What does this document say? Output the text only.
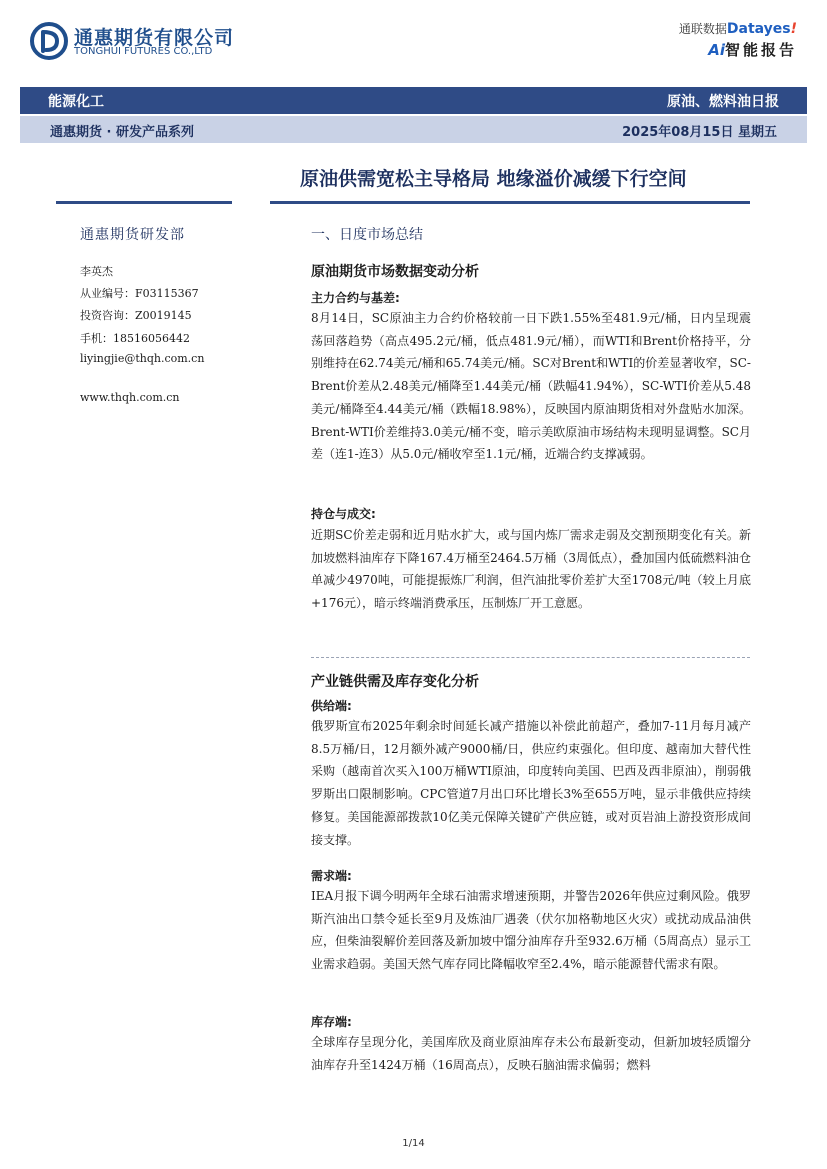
通惠期货有限公司
TONGHUI FUTURES CO.,LTD
通联数据Datayes!
Ai智能报告
能源化工	原油、燃料油日报
通惠期货 · 研发产品系列	2025年08月15日 星期五
原油供需宽松主导格局 地缘溢价减缓下行空间
通惠期货研发部
李英杰
从业编号：F03115367
投资咨询：Z0019145
手机：18516056442
liyingjie@thqh.com.cn
www.thqh.com.cn
一、日度市场总结
原油期货市场数据变动分析
主力合约与基差:
8月14日，SC原油主力合约价格较前一日下跌1.55%至481.9元/桶，日内呈现震荡回落趋势（高点495.2元/桶，低点481.9元/桶），而WTI和Brent价格持平，分别维持在62.74美元/桶和65.74美元/桶。SC对Brent和WTI的价差显著收窄，SC-Brent价差从2.48美元/桶降至1.44美元/桶（跌幅41.94%），SC-WTI价差从5.48美元/桶降至4.44美元/桶（跌幅18.98%），反映国内原油期货相对外盘贴水加深。Brent-WTI价差维持3.0美元/桶不变，暗示美欧原油市场结构未现明显调整。SC月差（连1-连3）从5.0元/桶收窄至1.1元/桶，近端合约支撑减弱。
持仓与成交:
近期SC价差走弱和近月贴水扩大，或与国内炼厂需求走弱及交割预期变化有关。新加坡燃料油库存下降167.4万桶至2464.5万桶（3周低点），叠加国内低硫燃料油仓单减少4970吨，可能提振炼厂利润，但汽油批零价差扩大至1708元/吨（较上月底+176元），暗示终端消费承压，压制炼厂开工意愿。
产业链供需及库存变化分析
供给端:
俄罗斯宣布2025年剩余时间延长减产措施以补偿此前超产，叠加7-11月每月减产8.5万桶/日，12月额外减产9000桶/日，供应约束强化。但印度、越南加大替代性采购（越南首次买入100万桶WTI原油，印度转向美国、巴西及西非原油），削弱俄罗斯出口限制影响。CPC管道7月出口环比增长3%至655万吨，显示非俄供应持续修复。美国能源部拨款10亿美元保障关键矿产供应链，或对页岩油上游投资形成间接支撑。
需求端:
IEA月报下调今明两年全球石油需求增速预期，并警告2026年供应过剩风险。俄罗斯汽油出口禁令延长至9月及炼油厂遇袭（伏尔加格勒地区火灾）或扰动成品油供应，但柴油裂解价差回落及新加坡中馏分油库存升至932.6万桶（5周高点）显示工业需求趋弱。美国天然气库存同比降幅收窄至2.4%，暗示能源替代需求有限。
库存端:
全球库存呈现分化，美国库欣及商业原油库存未公布最新变动，但新加坡轻质馏分油库存升至1424万桶（16周高点），反映石脑油需求偏弱；燃料
1/14
